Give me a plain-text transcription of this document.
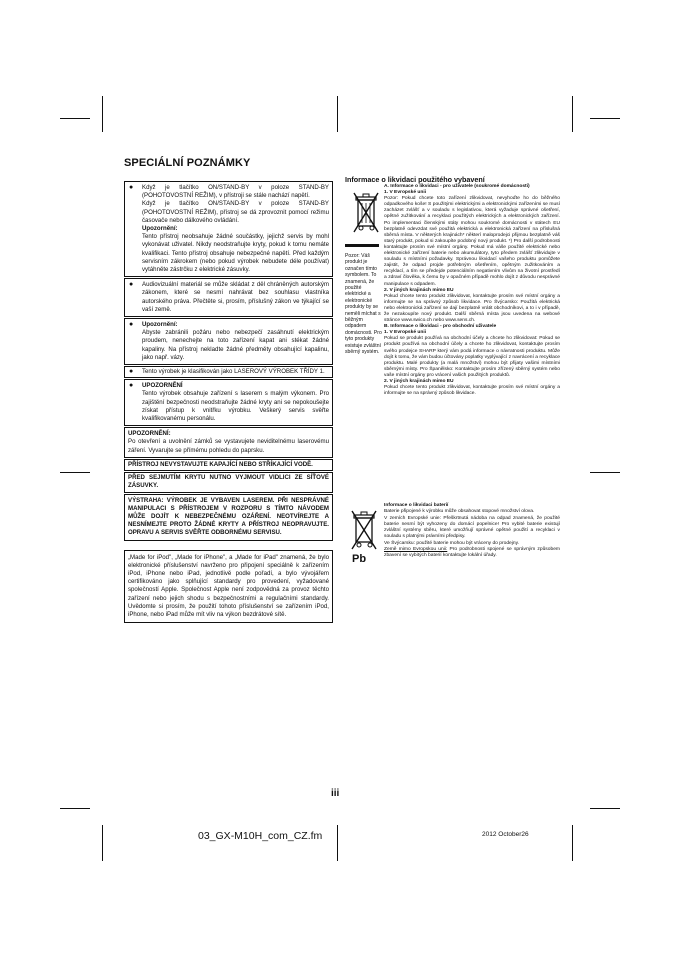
SPECIÁLNÍ POZNÁMKY
● Když je tlačítko ON/STAND-BY v poloze STAND-BY (POHOTOVOSTNÍ REŽIM), v přístroji se stále nachází napětí.
Když je tlačítko ON/STAND-BY v poloze STAND-BY (POHOTOVOSTNÍ REŽIM), přístroj se dá zprovoznit pomocí režimu časovače nebo dálkového ovládání.
Upozornění:
Tento přístroj neobsahuje žádné součástky, jejichž servis by mohl vykonávat uživatel. Nikdy neodstraňujte kryty, pokud k tomu nemáte kvalifikaci. Tento přístroj obsahuje nebezpečné napětí. Před každým servisním zákrokem (nebo pokud výrobek nebudete déle používat) vytáhněte zástrčku z elektrické zásuvky.
● Audiovizuální materiál se může skládat z děl chráněných autorským zákonem, které se nesmí nahrávat bez souhlasu vlastníka autorského práva. Přečtěte si, prosím, příslušný zákon ve týkající se vaší země.
● Upozornění:
Abyste zabránili požáru nebo nebezpečí zasáhnutí elektrickým proudem, nenechejte na toto zařízení kapat ani stékat žádné kapaliny. Na přístroj nekladte žádné předměty obsahující kapalinu, jako např. vázy.
● Tento výrobek je klasifikován jako LASEROVÝ VÝROBEK TŘÍDY 1.
● UPOZORNĚNÍ
Tento výrobek obsahuje zařízení s laserem s malým výkonem. Pro zajištění bezpečnosti neodstraňujte žádné kryty ani se nepokoušejte získat přístup k vnitřku výrobku. Veškerý servis svěřte kvalifikovanému personálu.
UPOZORNĚNÍ:
Po otevření a uvolnění zámků se vystavujete neviditelnému laserovému záření. Vyvarujte se přímému pohledu do paprsku.
PŘÍSTROJ NEVYSTAVUJTE KAPAJÍCÍ NEBO STŘÍKAJÍCÍ VODĚ.
PŘED SEJMUTÍM KRYTU NUTNO VYJMOUT VIDLICI ZE SÍŤOVÉ ZÁSUVKY.
VÝSTRAHA: VÝROBEK JE VYBAVEN LASEREM. PŘI NESPRÁVNÉ MANIPULACI S PŘÍSTROJEM V ROZPORU S TÍMTO NÁVODEM MŮŽE DOJÍT K NEBEZPEČNÉMU OZÁŘENÍ. NEOTVÍREJTE A NESNÍMEJTE PROTO ŽÁDNÉ KRYTY A PŘÍSTROJ NEOPRAVUJTE. OPRAVU A SERVIS SVĚŘTE ODBORNÉMU SERVISU.
„Made for iPod", „Made for iPhone", a „Made for iPad" znamená, že bylo elektronické příslušenství navrženo pro připojení speciálně k zařízením iPod, iPhone nebo iPad, jednotlivě podle pořadí, a bylo vývojářem certifikováno jako splňující standardy pro provedení, vyžadované společností Apple. Společnost Apple není zodpovědná za provoz těchto zařízení nebo jejich shodu s bezpečnostními a regulačními standardy. Uvědomte si prosím, že použití tohoto příslušenství se zařízením iPod, iPhone, nebo iPad může mít vliv na výkon bezdrátové sítě.
Informace o likvidaci použitého vybavení
Pozor: Váš produkt je označen tímto symbolem. To znamená, že použité elektrické a elektronické produkty by se neměli míchat s běžným odpadem domácnosti. Pro tyto produkty existuje zvláštní sběrný systém.

A. Informace o likvidaci - pro uživatele (soukromé domácnosti)

1. V Evropské unii

Pozor: Pokud chcete toto zařízení zlikvidovat, nevyhoďte ho do běžného odpadkového koše! S použitými elektrickými a elektronickými zařízeními se musí zacházet zvlášť a v souladu s legislativou, která vyžaduje správné ošetření, opětné zužitkování a recyklaci použitých elektrických a elektronických zařízení. Po implementaci členskými státy mohou soukromé domácnosti v státech EU bezplatně odevzdat své použitá elektrická a elektronická zařízení na příslušná sběrná místa. V některých krajinách* některí maloprodejci přijmou bezplatně váš starý produkt, pokud si zakoupíte podobný nový produkt. *) Pro další podrobnosti kontaktujte prosím své místní orgány. Pokud má váše použité elektrické nebo elektronické zařízení baterie nebo akumulátory, tyto předem zvlášť zlikvidujte v souladu s místními požadavky. Správnou likvidací vašeho produktu pomůžete zajistit, že odpad projde potřebným ošetřením, opětným zužitkováním a recyklací, a tím se předejde potenciálním negativním vlivům na životní prostředí a zdraví člověka, k čemu by v opačném případě mohlo dojít z důvodu nesprávné manipulace s odpadem.

2. V jiných krajinách mimo EU

Pokud chcete tento produkt zlikvidovat, kontaktujte prosím své místní orgány a informujte se na správný způsob likvidace. Pro Švýcarsko: Použitá elektrická nebo elektronická zařízení se dají bezplatně vrátit obchodníkovi, a to i v případě, že nezakoupíte nový produkt. Další sběrná místa jsou uvedena na webové stránce www.swico.ch nebo www.sens.ch.

B. Informace o likvidaci - pro obchodní uživatele

1. V Evropské unii

Pokud se produkt používá na obchodní účely a chcete ho zlikvidovat: Pokud se produkt používá na obchodní účely a chcete ho zlikvidovat, kontaktujte prosím svého prodejce SHARP který vám podá informace o návratnosti produktu. Může dojít k tomu, že vám budou účtovány poplatky vyplývající z navrácení a recyklace produktu. Malé produkty (a malá množství) mohou být přijaty vašimi místními sběrnými místy. Pro Španělsko: Kontaktujte prosím zřízený sběrný systém nebo vaše místní orgány pro vrácení vašich použitých produktů.

2. V jiných krajinách mimo EU

Pokud chcete tento produkt zlikvidovat, kontaktujte prosím své místní orgány a informujte se na správný způsob likvidace.

Pb

Informace o likvidaci baterií

Baterie připojené k výrobku může obsahovat stopové množství olova.

V zemích Evropské unie: Přeškrtnutá nádoba na odpad znamená, že použité baterie nesmí být vyhozeny do domácí popelnice! Pro vybité baterie existují zvláštní systémy sběru, které umožňují správné opětné použití a recyklaci v souladu s platnými právními předpisy.

Ve Švýcarsku: použité baterie mohou být vráceny do prodejny.

Země mimo Evropskou unii: Pro podrobnosti spojené se správným způsobem zbavení se vybitých baterií kontaktujte lokální úřady.

iii
03_GX-M10H_com_CZ.fm	2012 October26
